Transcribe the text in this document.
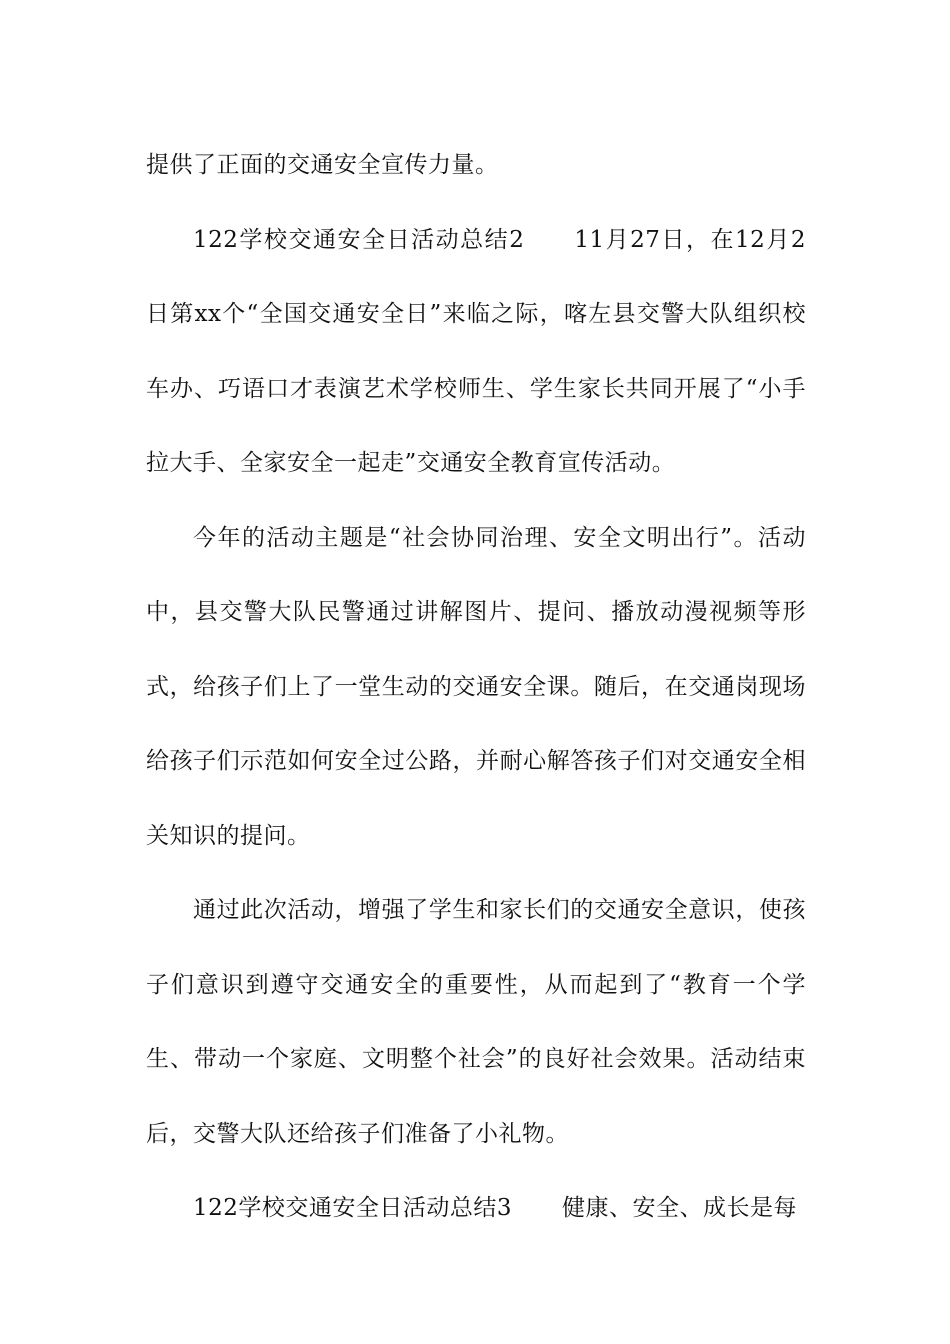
提供了正面的交通安全宣传力量。

122学校交通安全日活动总结2 11月27日，在12月2日第xx个“全国交通安全日”来临之际，喀左县交警大队组织校车办、巧语口才表演艺术学校师生、学生家长共同开展了“小手拉大手、全家安全一起走”交通安全教育宣传活动。

今年的活动主题是“社会协同治理、安全文明出行”。活动中，县交警大队民警通过讲解图片、提问、播放动漫视频等形式，给孩子们上了一堂生动的交通安全课。随后，在交通岗现场给孩子们示范如何安全过公路，并耐心解答孩子们对交通安全相关知识的提问。

通过此次活动，增强了学生和家长们的交通安全意识，使孩子们意识到遵守交通安全的重要性，从而起到了“教育一个学生、带动一个家庭、文明整个社会”的良好社会效果。活动结束后，交警大队还给孩子们准备了小礼物。

122学校交通安全日活动总结3 健康、安全、成长是每
